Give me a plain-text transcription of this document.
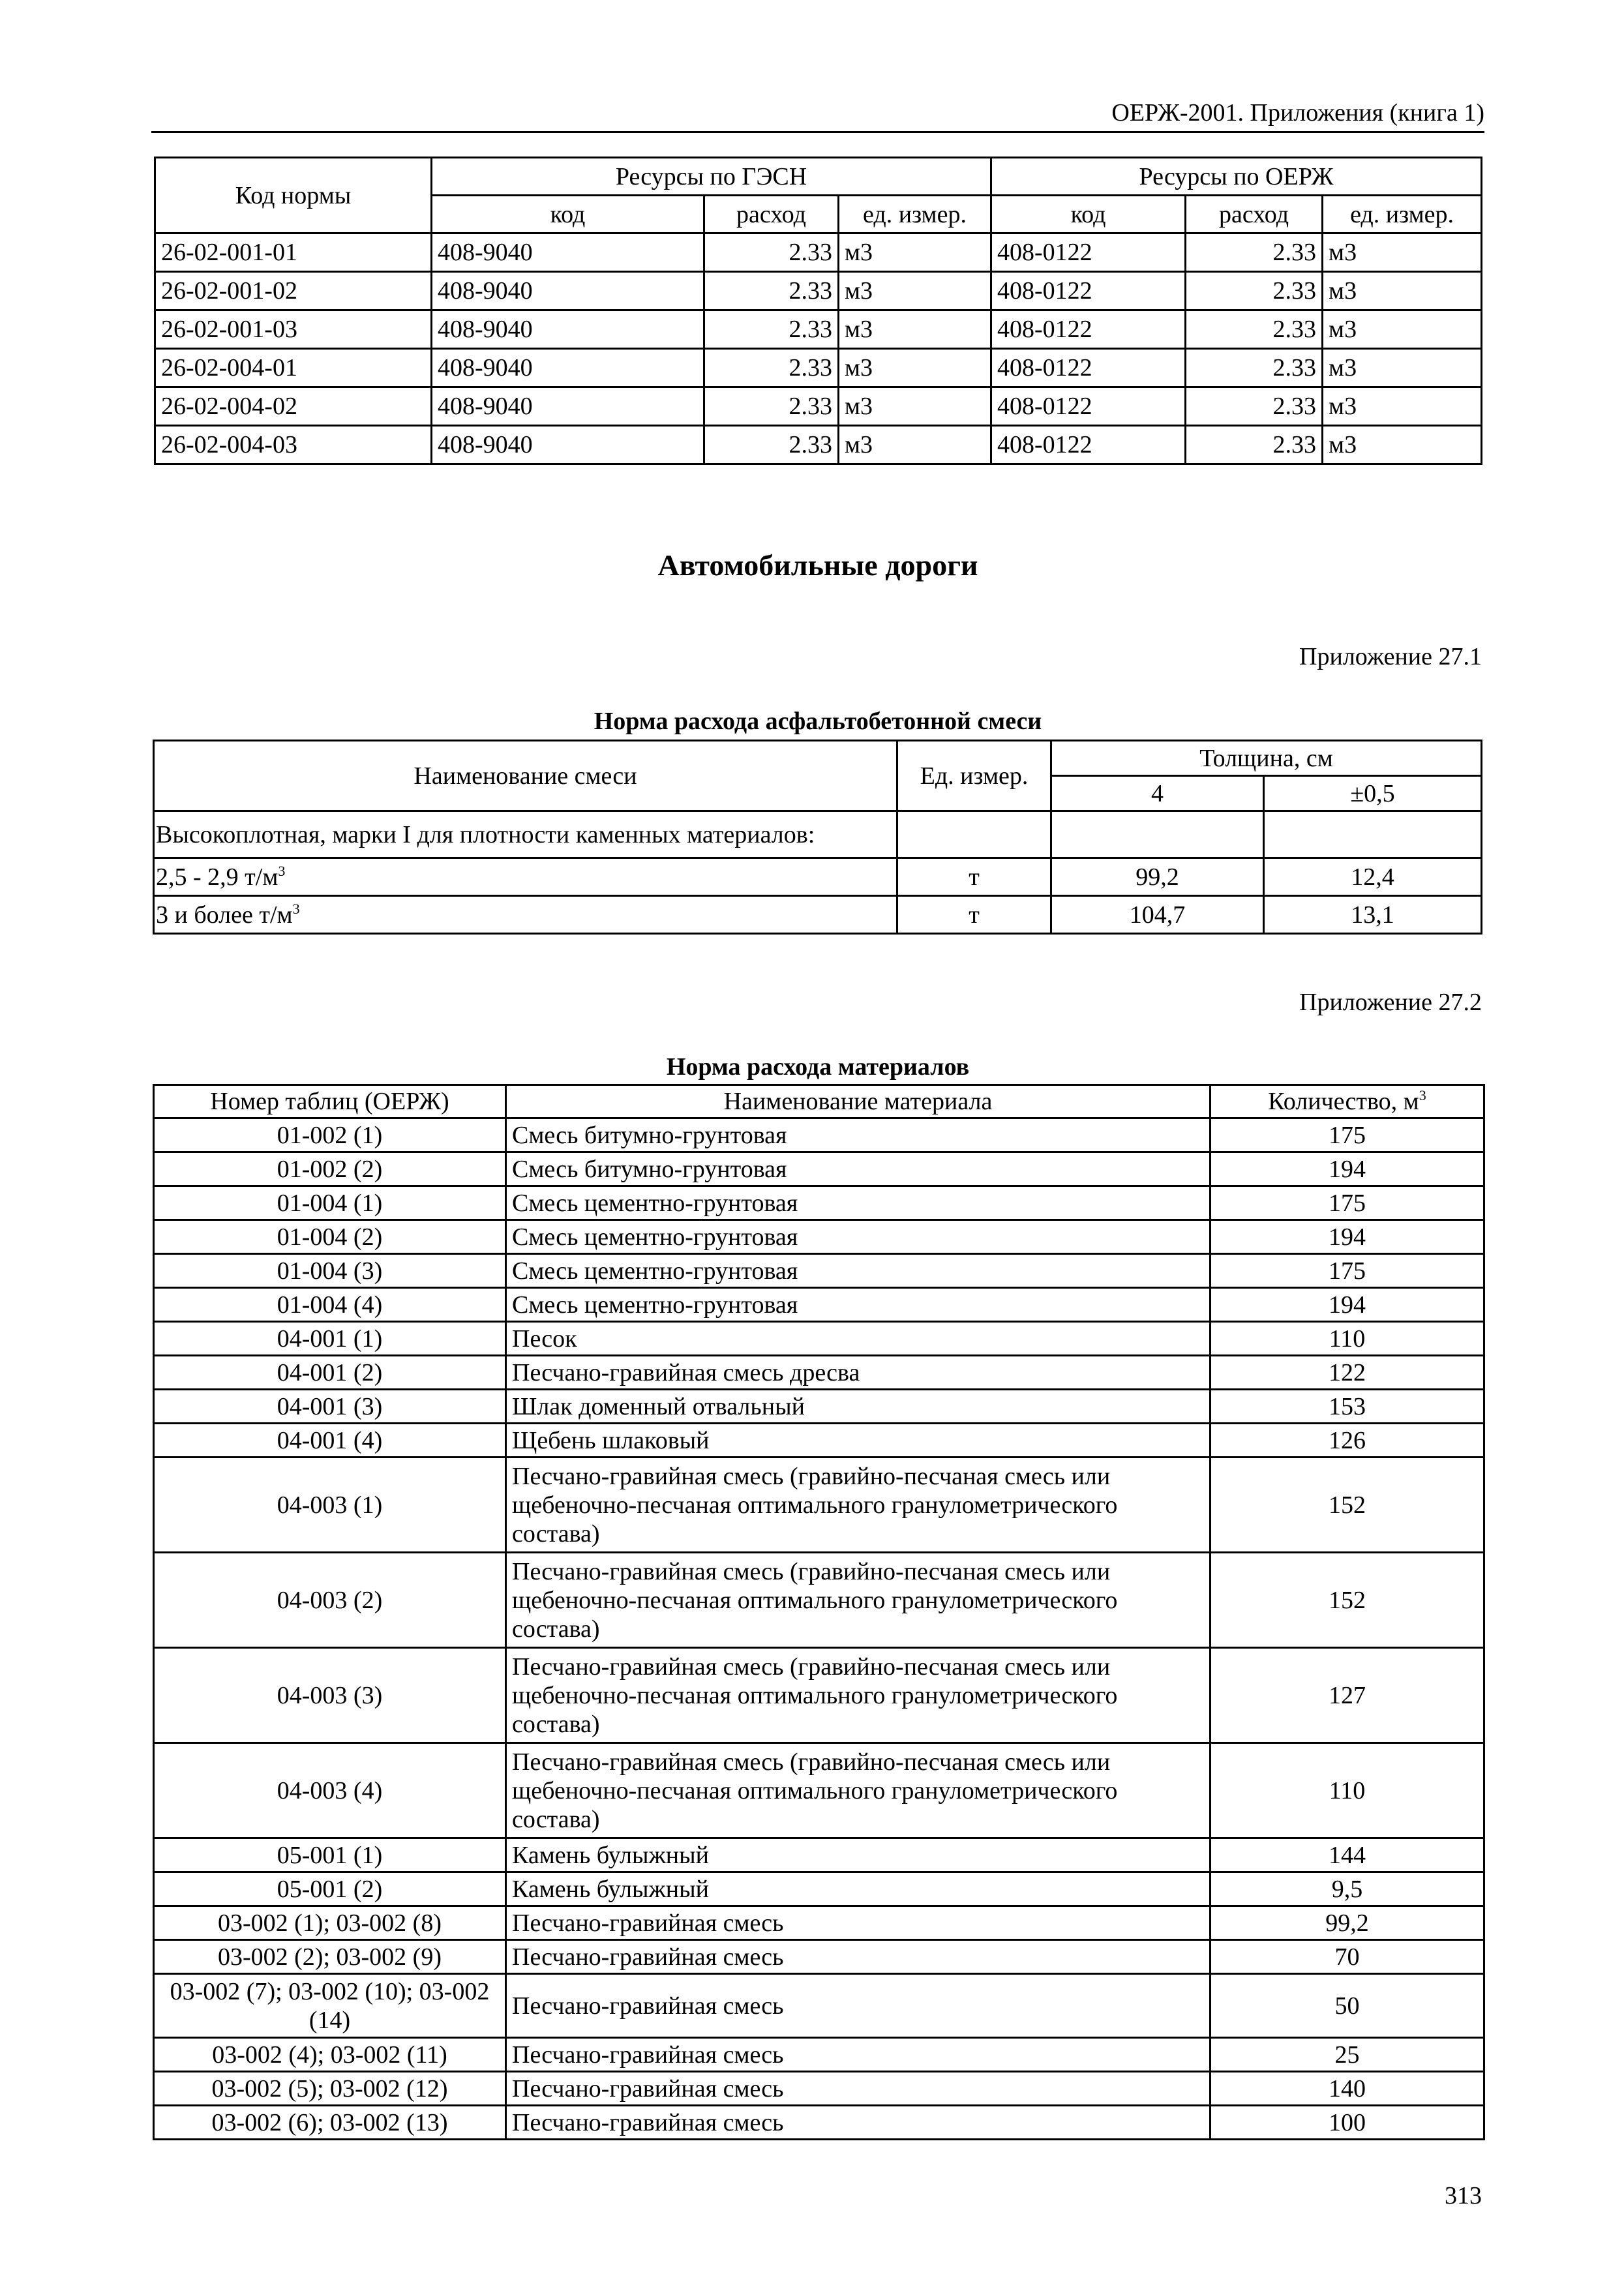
ОЕРЖ-2001. Приложения (книга 1)
Код нормы	Ресурсы по ГЭСН			Ресурсы по ОЕРЖ		
	код	расход	ед. измер.	код	расход	ед. измер.
26-02-001-01	408-9040	2.33	м3	408-0122	2.33	м3
26-02-001-02	408-9040	2.33	м3	408-0122	2.33	м3
26-02-001-03	408-9040	2.33	м3	408-0122	2.33	м3
26-02-004-01	408-9040	2.33	м3	408-0122	2.33	м3
26-02-004-02	408-9040	2.33	м3	408-0122	2.33	м3
26-02-004-03	408-9040	2.33	м3	408-0122	2.33	м3
Автомобильные дороги
Приложение 27.1
Норма расхода асфальтобетонной смеси
Наименование смеси	Ед. измер.	Толщина, см	
		4	±0,5
Высокоплотная, марки I для плотности каменных материалов:			
2,5 - 2,9 $т/м^3$	т	99,2	12,4
3 и более $т/м^3$	т	104,7	13,1
Приложение 27.2
Норма расхода материалов
Номер таблиц (ОЕРЖ)	Наименование материала	Количество, $м^3$
01-002 (1)	Смесь битумно-грунтовая	175
01-002 (2)	Смесь битумно-грунтовая	194
01-004 (1)	Смесь цементно-грунтовая	175
01-004 (2)	Смесь цементно-грунтовая	194
01-004 (3)	Смесь цементно-грунтовая	175
01-004 (4)	Смесь цементно-грунтовая	194
04-001 (1)	Песок	110
04-001 (2)	Песчано-гравийная смесь дресва	122
04-001 (3)	Шлак доменный отвальный	153
04-001 (4)	Щебень шлаковый	126
04-003 (1)	Песчано-гравийная смесь (гравийно-песчаная смесь или щебеночно-песчаная оптимального гранулометрического состава)	152
04-003 (2)	Песчано-гравийная смесь (гравийно-песчаная смесь или щебеночно-песчаная оптимального гранулометрического состава)	152
04-003 (3)	Песчано-гравийная смесь (гравийно-песчаная смесь или щебеночно-песчаная оптимального гранулометрического состава)	127
04-003 (4)	Песчано-гравийная смесь (гравийно-песчаная смесь или щебеночно-песчаная оптимального гранулометрического состава)	110
05-001 (1)	Камень булыжный	144
05-001 (2)	Камень булыжный	9,5
03-002 (1); 03-002 (8)	Песчано-гравийная смесь	99,2
03-002 (2); 03-002 (9)	Песчано-гравийная смесь	70
03-002 (7); 03-002 (10); 03-002 (14)	Песчано-гравийная смесь	50
03-002 (4); 03-002 (11)	Песчано-гравийная смесь	25
03-002 (5); 03-002 (12)	Песчано-гравийная смесь	140
03-002 (6); 03-002 (13)	Песчано-гравийная смесь	100
313
